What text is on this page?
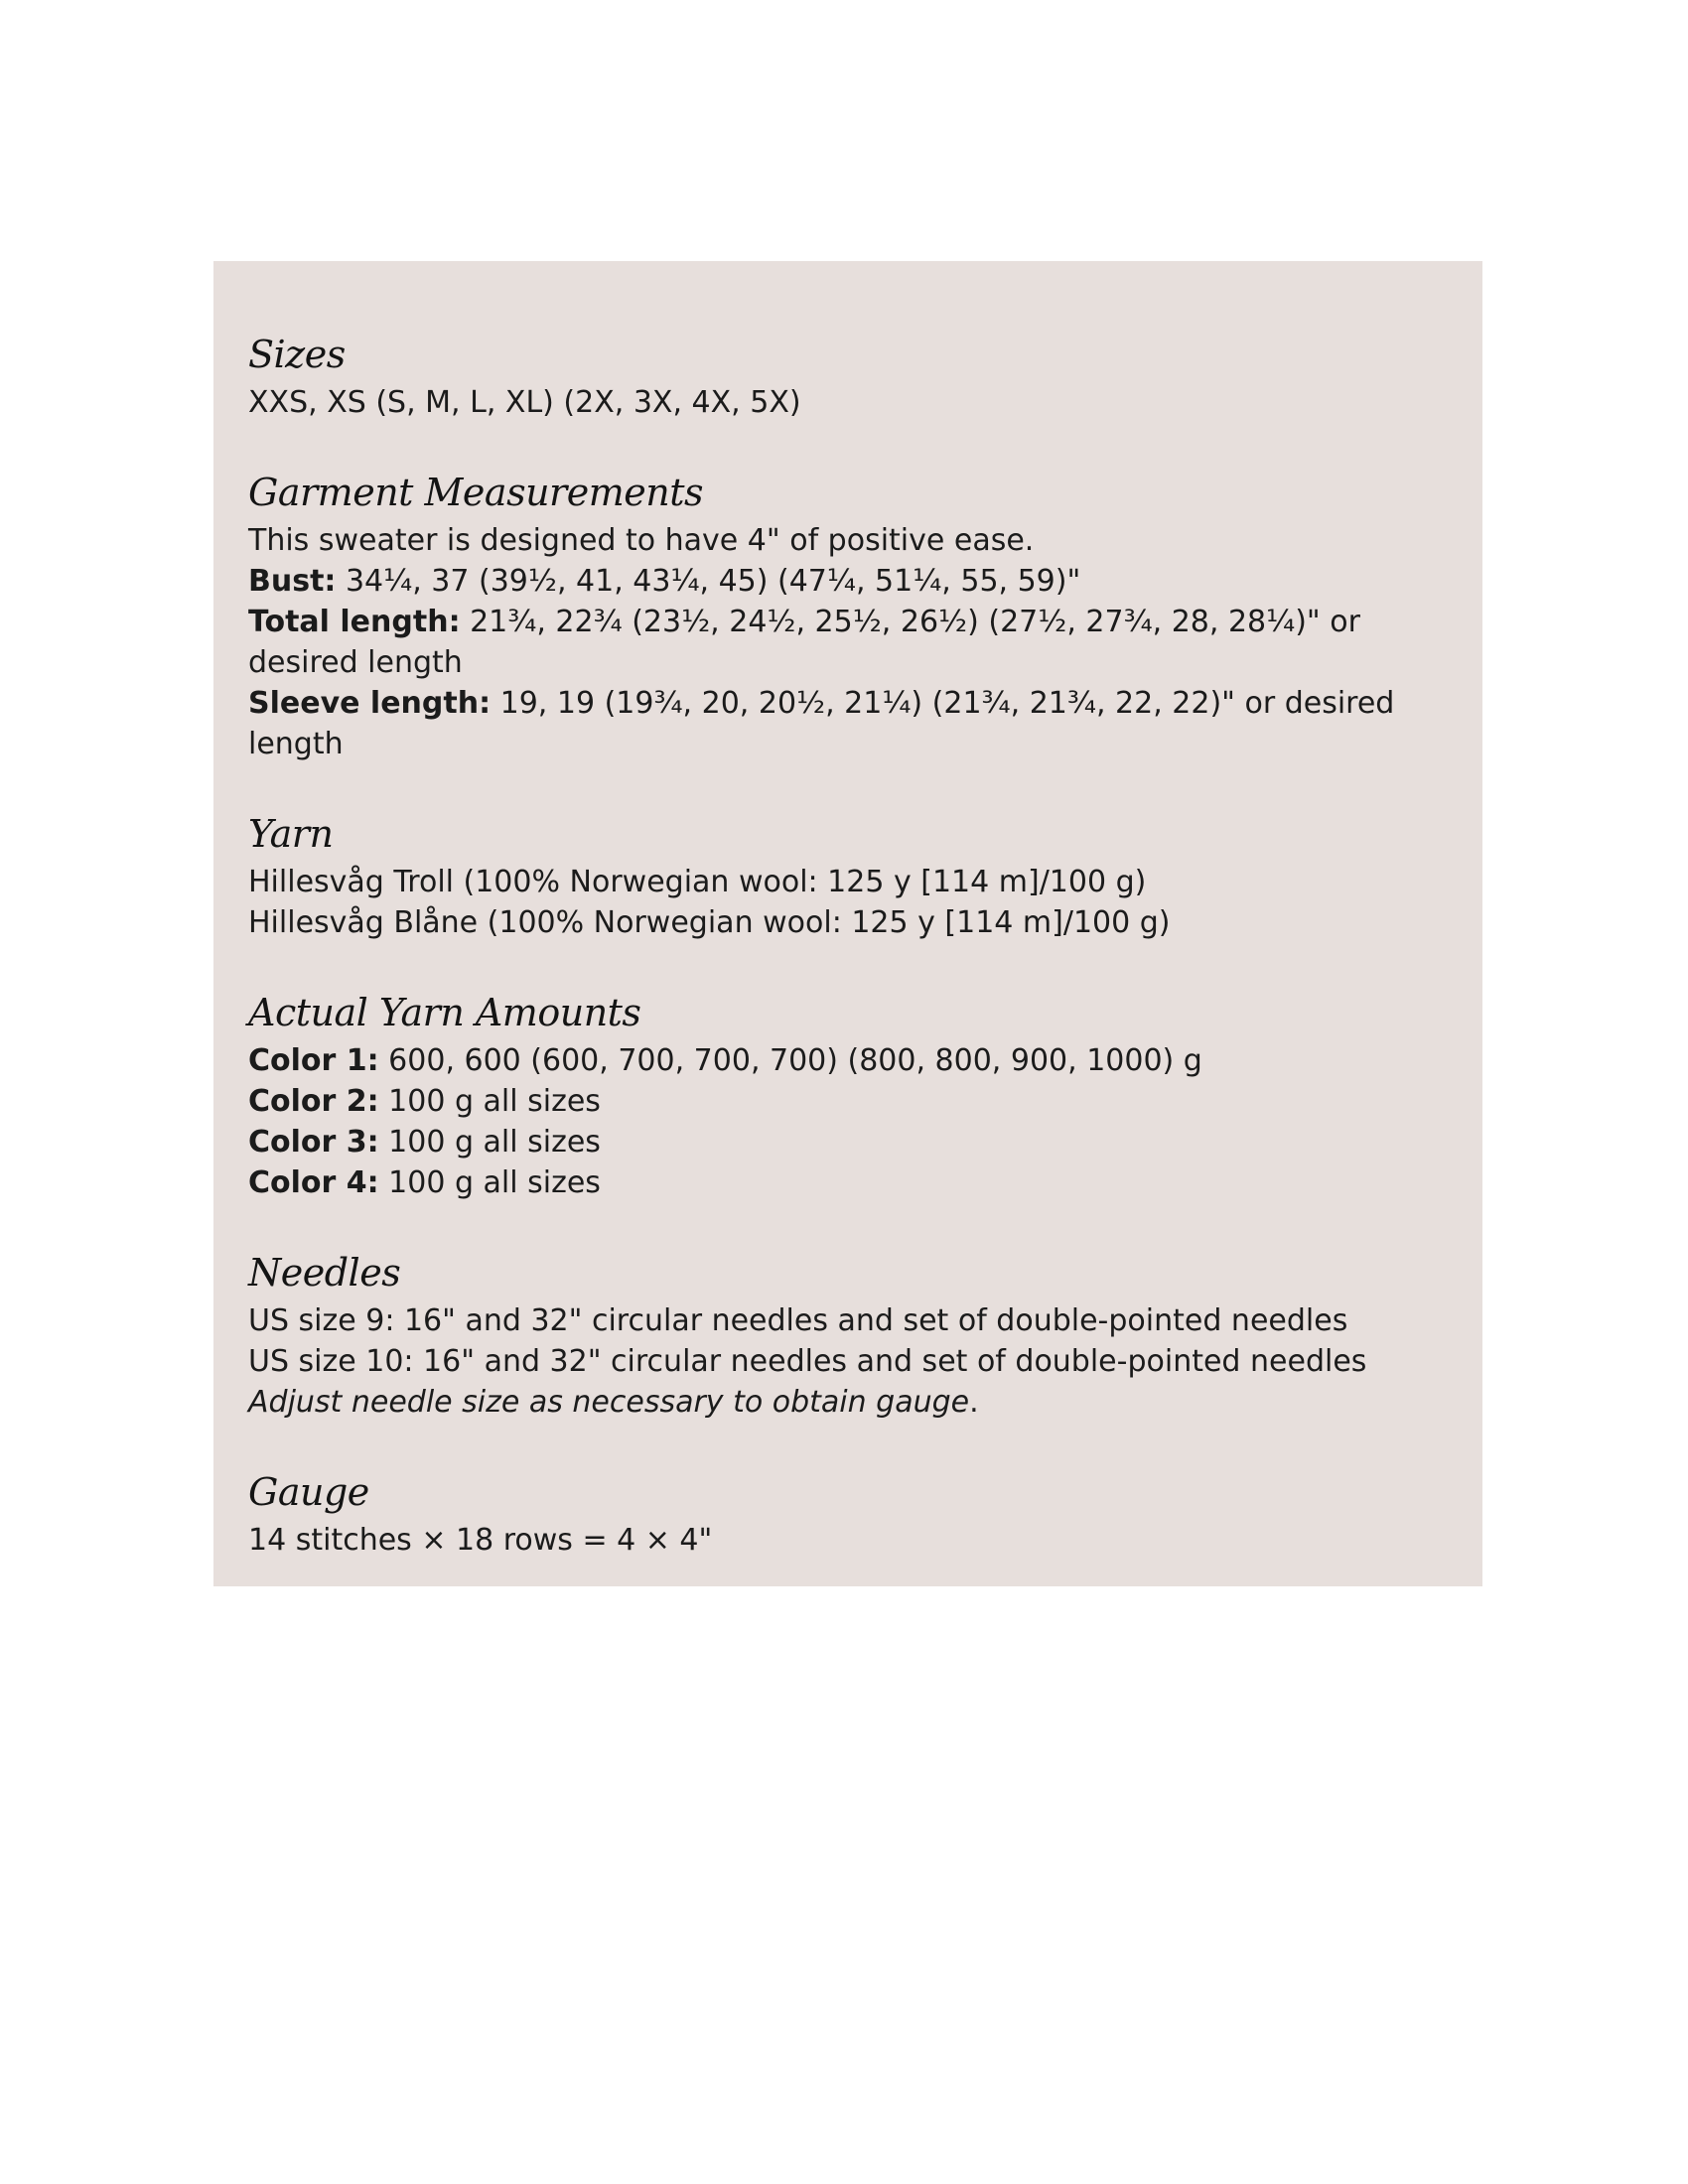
Sizes

XXS, XS (S, M, L, XL) (2X, 3X, 4X, 5X)

Garment Measurements

This sweater is designed to have 4" of positive ease.

Bust: 34¼, 37 (39½, 41, 43¼, 45) (47¼, 51¼, 55, 59)"

Total length: 21¾, 22¾ (23½, 24½, 25½, 26½) (27½, 27¾, 28, 28¼)" or desired length

Sleeve length: 19, 19 (19¾, 20, 20½, 21¼) (21¾, 21¾, 22, 22)" or desired length

Yarn

Hillesvåg Troll (100% Norwegian wool: 125 y [114 m]/100 g)

Hillesvåg Blåne (100% Norwegian wool: 125 y [114 m]/100 g)

Actual Yarn Amounts

Color 1: 600, 600 (600, 700, 700, 700) (800, 800, 900, 1000) g

Color 2: 100 g all sizes

Color 3: 100 g all sizes

Color 4: 100 g all sizes

Needles

US size 9: 16" and 32" circular needles and set of double-pointed needles

US size 10: 16" and 32" circular needles and set of double-pointed needles

Adjust needle size as necessary to obtain gauge.

Gauge

14 stitches × 18 rows = 4 × 4"
